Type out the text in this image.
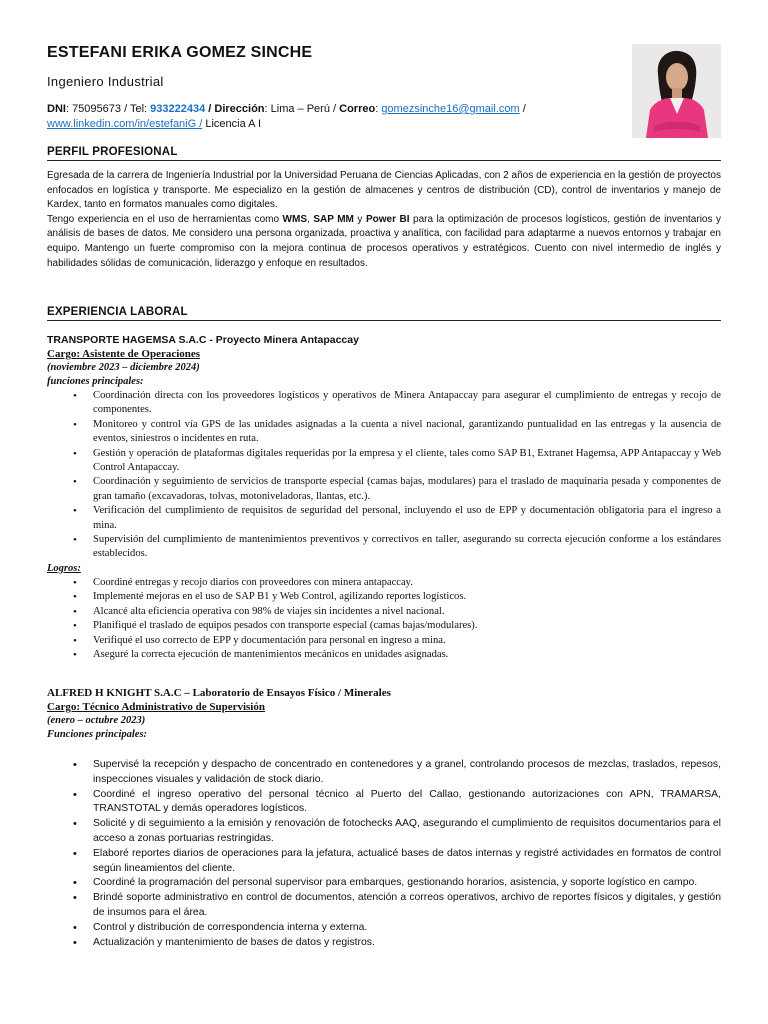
ESTEFANI ERIKA GOMEZ SINCHE
Ingeniero Industrial
DNI: 75095673 / Tel: 933222434 / Dirección: Lima – Perú / Correo: gomezsinche16@gmail.com /
www.linkedin.com/in/estefaniG / Licencia A I
PERFIL PROFESIONAL
Egresada de la carrera de Ingeniería Industrial por la Universidad Peruana de Ciencias Aplicadas, con 2 años de experiencia en la gestión de proyectos enfocados en logística y transporte. Me especializo en la gestión de almacenes y centros de distribución (CD), control de inventarios y manejo de Kardex, tanto en formatos manuales como digitales.
Tengo experiencia en el uso de herramientas como WMS, SAP MM y Power BI para la optimización de procesos logísticos, gestión de inventarios y análisis de bases de datos. Me considero una persona organizada, proactiva y analítica, con facilidad para adaptarme a nuevos entornos y trabajar en equipo. Mantengo un fuerte compromiso con la mejora continua de procesos operativos y estratégicos. Cuento con nivel intermedio de inglés y habilidades sólidas de comunicación, liderazgo y enfoque en resultados.
EXPERIENCIA LABORAL
TRANSPORTE HAGEMSA S.A.C - Proyecto Minera Antapaccay
Cargo: Asistente de Operaciones
(noviembre 2023 – diciembre 2024)
funciones principales:
• Coordinación directa con los proveedores logísticos y operativos de Minera Antapaccay para asegurar el cumplimiento de entregas y recojo de componentes.
• Monitoreo y control vía GPS de las unidades asignadas a la cuenta a nivel nacional, garantizando puntualidad en las entregas y la ausencia de eventos, siniestros o incidentes en ruta.
• Gestión y operación de plataformas digitales requeridas por la empresa y el cliente, tales como SAP B1, Extranet Hagemsa, APP Antapaccay y Web Control Antapaccay.
• Coordinación y seguimiento de servicios de transporte especial (camas bajas, modulares) para el traslado de maquinaria pesada y componentes de gran tamaño (excavadoras, tolvas, motoniveladoras, llantas, etc.).
• Verificación del cumplimiento de requisitos de seguridad del personal, incluyendo el uso de EPP y documentación obligatoria para el ingreso a mina.
• Supervisión del cumplimiento de mantenimientos preventivos y correctivos en taller, asegurando su correcta ejecución conforme a los estándares establecidos.
Logros:
• Coordiné entregas y recojo diarios con proveedores con minera antapaccay.
• Implementé mejoras en el uso de SAP B1 y Web Control, agilizando reportes logísticos.
• Alcancé alta eficiencia operativa con 98% de viajes sin incidentes a nivel nacional.
• Planifiqué el traslado de equipos pesados con transporte especial (camas bajas/modulares).
• Verifiqué el uso correcto de EPP y documentación para personal en ingreso a mina.
• Aseguré la correcta ejecución de mantenimientos mecánicos en unidades asignadas.
ALFRED H KNIGHT S.A.C – Laboratorio de Ensayos Físico / Minerales
Cargo: Técnico Administrativo de Supervisión
(enero – octubre 2023)
Funciones principales:
• Supervisé la recepción y despacho de concentrado en contenedores y a granel, controlando procesos de mezclas, traslados, repesos, inspecciones visuales y validación de stock diario.
• Coordiné el ingreso operativo del personal técnico al Puerto del Callao, gestionando autorizaciones con APN, TRAMARSA, TRANSTOTAL y demás operadores logísticos.
• Solicité y di seguimiento a la emisión y renovación de fotochecks AAQ, asegurando el cumplimiento de requisitos documentarios para el acceso a zonas portuarias restringidas.
• Elaboré reportes diarios de operaciones para la jefatura, actualicé bases de datos internas y registré actividades en formatos de control según lineamientos del cliente.
• Coordiné la programación del personal supervisor para embarques, gestionando horarios, asistencia, y soporte logístico en campo.
• Brindé soporte administrativo en control de documentos, atención a correos operativos, archivo de reportes físicos y digitales, y gestión de insumos para el área.
• Control y distribución de correspondencia interna y externa.
• Actualización y mantenimiento de bases de datos y registros.
